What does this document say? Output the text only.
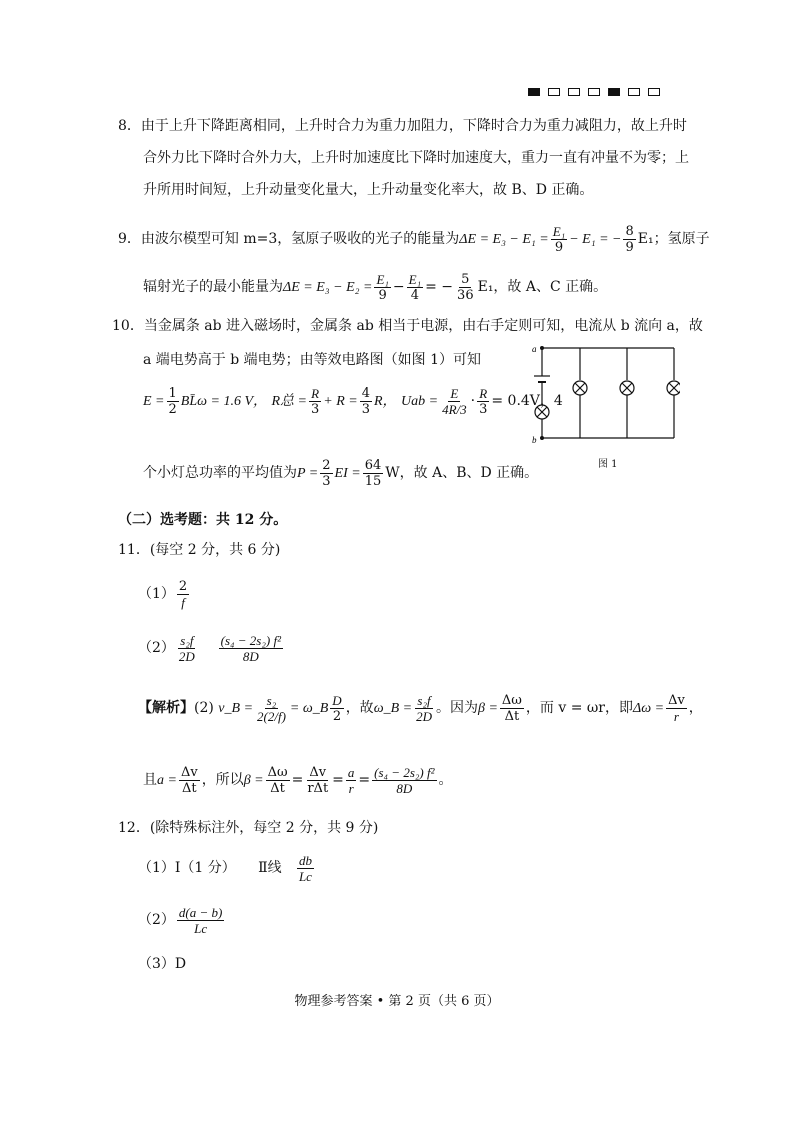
8．由于上升下降距离相同，上升时合力为重力加阻力，下降时合力为重力减阻力，故上升时
合外力比下降时合外力大，上升时加速度比下降时加速度大，重力一直有冲量不为零；上
升所用时间短，上升动量变化量大，上升动量变化率大，故 B、D 正确。
9．由波尔模型可知 m=3，氢原子吸收的光子的能量为$\Delta E = E_3 - E_1 = \frac{\text{E₁}}{9} - E_1$ = − $\frac{8}{9} E_1$；氢原子
辐射光子的最小能量为$\Delta E = E_3 - E_2 = \frac{\text{E₁}}{9} - \frac{\text{E₁}}{4}$ = − $\frac{5}{36} E_1$，故 A、C 正确。
10．当金属条 ab 进入磁场时，金属条 ab 相当于电源，由右手定则可知，电流从 b 流向 a，故
a 端电势高于 b 端电势；由等效电路图（如图 1）可知
$E = \frac{1}{2}$ BL̄ω = 1.6 V， R总 = $\frac{R}{3} + R = \frac{4}{3}$ R， Uab = $\frac{E}{4R/3} \cdot \frac{R}{3} = 0.4V$，4
个小灯总功率的平均值为$P = \frac{2}{3}$ EI = $\frac{64}{15}$ W，故 A、B、D 正确。
a
b
图 1
（二）选考题：共 12 分。
11．(每空 2 分，共 6 分)
$(1) \frac{2}{f}$
$(2) \frac{\text{s₂f}}{2D}$
$\frac{\text{(s₄ − 2s₂) f²}}{8D}$
【解析】(2) v_B = $\frac{\text{s₂}}{2(2/f)}$ = ω_B $\frac{D}{2}$ ，故ω_B = $\frac{\text{s₂f}}{2D}$ 。因为$\beta = \frac{\Delta\omega}{\Delta t}$ ，而 v = ωr，即$\Delta\omega = \frac{\Delta v}{r}$ ，
且$a = \frac{\Delta v}{\Delta t}$ ，所以$\beta = \frac{\Delta\omega}{\Delta t} = \frac{\Delta v}{\text{rΔt}} = \frac{a}{r} = \frac{\text{(s₄ − 2s₂) f²}}{8D}$ 。
12．(除特殊标注外，每空 2 分，共 9 分)
（1）I（1 分） Ⅱ线 $\frac{db}{Lc}$
$(2) \frac{d(a - b)}{Lc}$
（3）D
物理参考答案 • 第 2 页（共 6 页）
